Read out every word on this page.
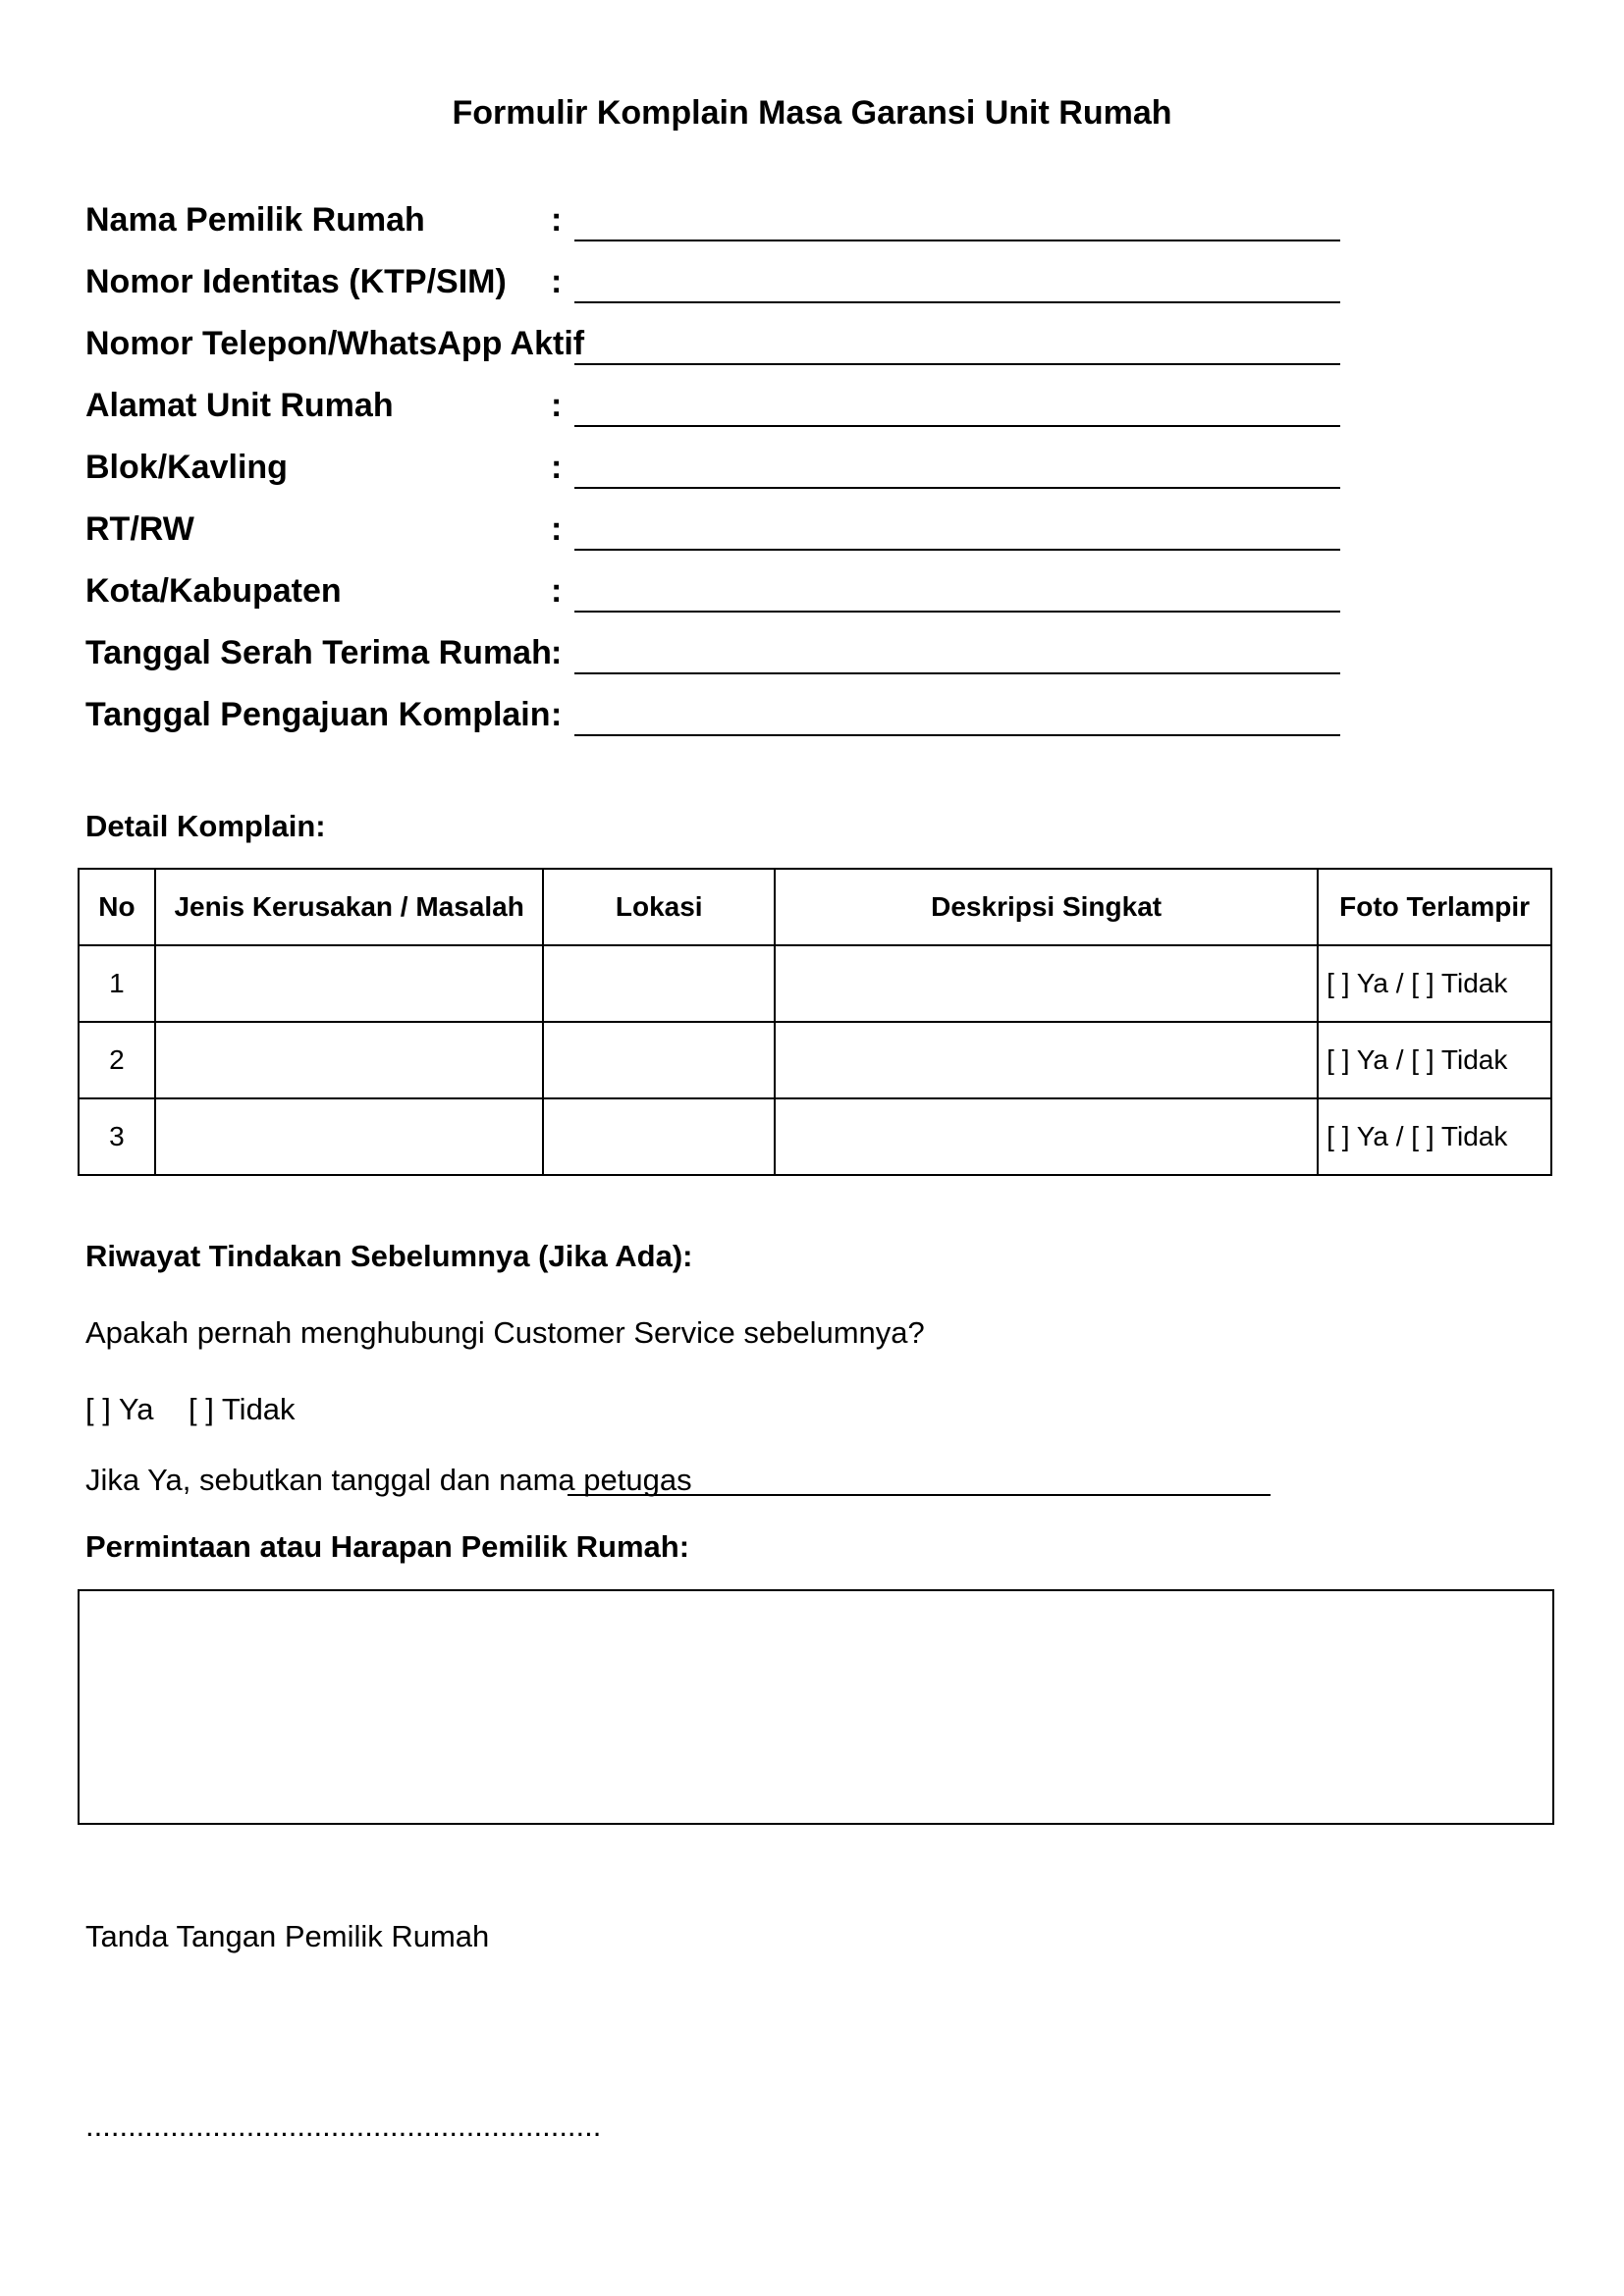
Formulir Komplain Masa Garansi Unit Rumah
Nama Pemilik Rumah	:
Nomor Identitas (KTP/SIM) :
Nomor Telepon/WhatsApp Aktif
Alamat Unit Rumah	:
Blok/Kavling	:
RT/RW	:
Kota/Kabupaten	:
Tanggal Serah Terima Rumah :
Tanggal Pengajuan Komplain :
Detail Komplain:
No	Jenis Kerusakan / Masalah	Lokasi	Deskripsi Singkat	Foto Terlampir
1				[ ] Ya / [ ] Tidak
2				[ ] Ya / [ ] Tidak
3				[ ] Ya / [ ] Tidak
Riwayat Tindakan Sebelumnya (Jika Ada):
Apakah pernah menghubungi Customer Service sebelumnya?
[ ] Ya [ ] Tidak
Jika Ya, sebutkan tanggal dan nama petugas
Permintaan atau Harapan Pemilik Rumah:
Tanda Tangan Pemilik Rumah
.............................................................
